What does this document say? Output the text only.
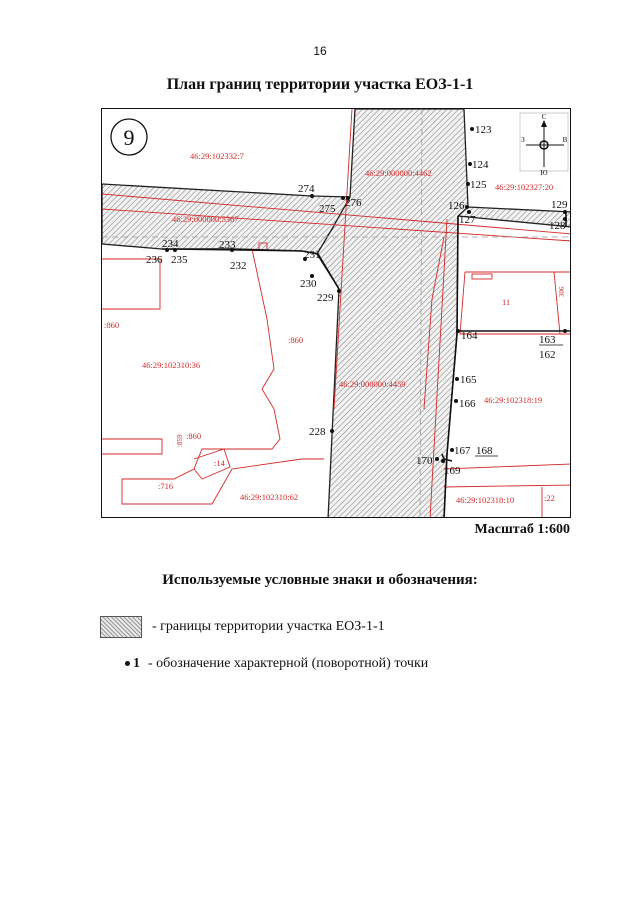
16
План границ территории участка ЕОЗ-1-1
9
С
Ю
З	В
46:29:102332:7
46:29:000000:4462
46:29:000000:5367
46:29:102327:20
46:29:102310:36
46:29:000000:4459
46:29:102318:19
46:29:102310:62	46:29:102318:10
:860
:860
:860
:859
:14
:716
:22
11
306
123
124
125
126
127
129
128
274
275 276
234
236 235
233
232
231
230
229
164	163
162
165
166
228
167 168
170
169
Масштаб 1:600
Используемые условные знаки и обозначения:
- границы территории участка ЕОЗ-1-1
1 - обозначение характерной (поворотной) точки
